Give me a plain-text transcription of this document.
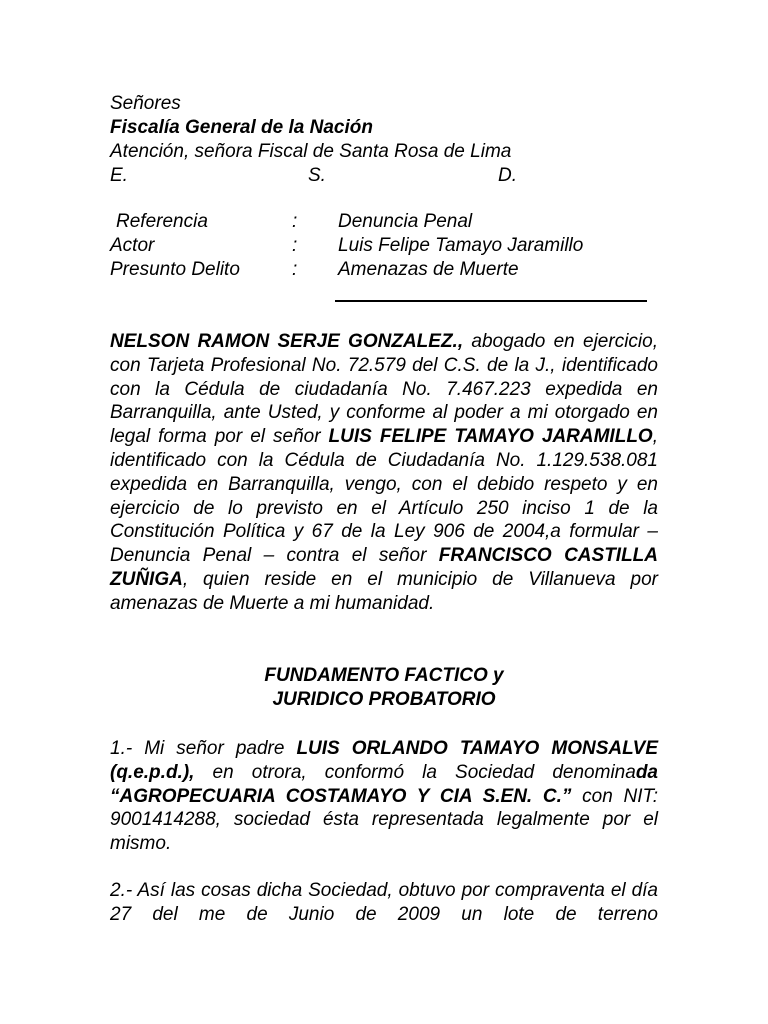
Señores
Fiscalía General de la Nación
Atención, señora Fiscal de Santa Rosa de Lima
E.	S.	D.
Referencia	: Denuncia Penal
Actor	: Luis Felipe Tamayo Jaramillo
Presunto Delito	: Amenazas de Muerte
NELSON RAMON SERJE GONZALEZ., abogado en ejercicio, con Tarjeta Profesional No. 72.579 del C.S. de la J., identificado con la Cédula de ciudadanía No. 7.467.223 expedida en Barranquilla, ante Usted, y conforme al poder a mi otorgado en legal forma por el señor LUIS FELIPE TAMAYO JARAMILLO, identificado con la Cédula de Ciudadanía No. 1.129.538.081 expedida en Barranquilla, vengo, con el debido respeto y en ejercicio de lo previsto en el Artículo 250 inciso 1 de la Constitución Política y 67 de la Ley 906 de 2004,a formular – Denuncia Penal – contra el señor FRANCISCO CASTILLA ZUÑIGA, quien reside en el municipio de Villanueva por amenazas de Muerte a mi humanidad.
FUNDAMENTO FACTICO y
JURIDICO PROBATORIO
1.- Mi señor padre LUIS ORLANDO TAMAYO MONSALVE (q.e.p.d.), en otrora, conformó la Sociedad denominada “AGROPECUARIA COSTAMAYO Y CIA S.EN. C.” con NIT: 9001414288, sociedad ésta representada legalmente por el mismo.
2.- Así las cosas dicha Sociedad, obtuvo por compraventa el día 27 del me de Junio de 2009 un lote de terreno
